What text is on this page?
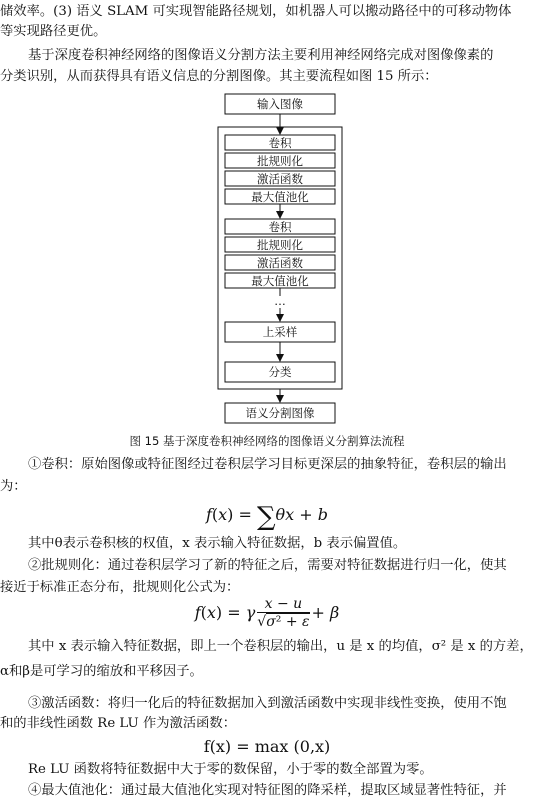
储效率。(3) 语义 SLAM 可实现智能路径规划，如机器人可以搬动路径中的可移动物体
等实现路径更优。
基于深度卷积神经网络的图像语义分割方法主要利用神经网络完成对图像像素的
分类识别，从而获得具有语义信息的分割图像。其主要流程如图 15 所示：
输入图像
卷积
批规则化
激活函数
最大值池化
卷积
批规则化
激活函数
最大值池化
…
上采样
分类
语义分割图像
图 15 基于深度卷积神经网络的图像语义分割算法流程
①卷积：原始图像或特征图经过卷积层学习目标更深层的抽象特征，卷积层的输出
为：
f(x) = ∑θx + b
其中θ表示卷积核的权值，x 表示输入特征数据，b 表示偏置值。
②批规则化：通过卷积层学习了新的特征之后，需要对特征数据进行归一化，使其
接近于标准正态分布，批规则化公式为：
f(x) = γ $\frac{x - u}{\text{√σ² + ε}} + \beta$
其中 x 表示输入特征数据，即上一个卷积层的输出，u 是 x 的均值，σ² 是 x 的方差，
α和β是可学习的缩放和平移因子。
③激活函数：将归一化后的特征数据加入到激活函数中实现非线性变换，使用不饱
和的非线性函数 Re LU 作为激活函数：
f(x) = max (0,x)
Re LU 函数将特征数据中大于零的数保留，小于零的数全部置为零。
④最大值池化：通过最大值池化实现对特征图的降采样，提取区域显著性特征，并
